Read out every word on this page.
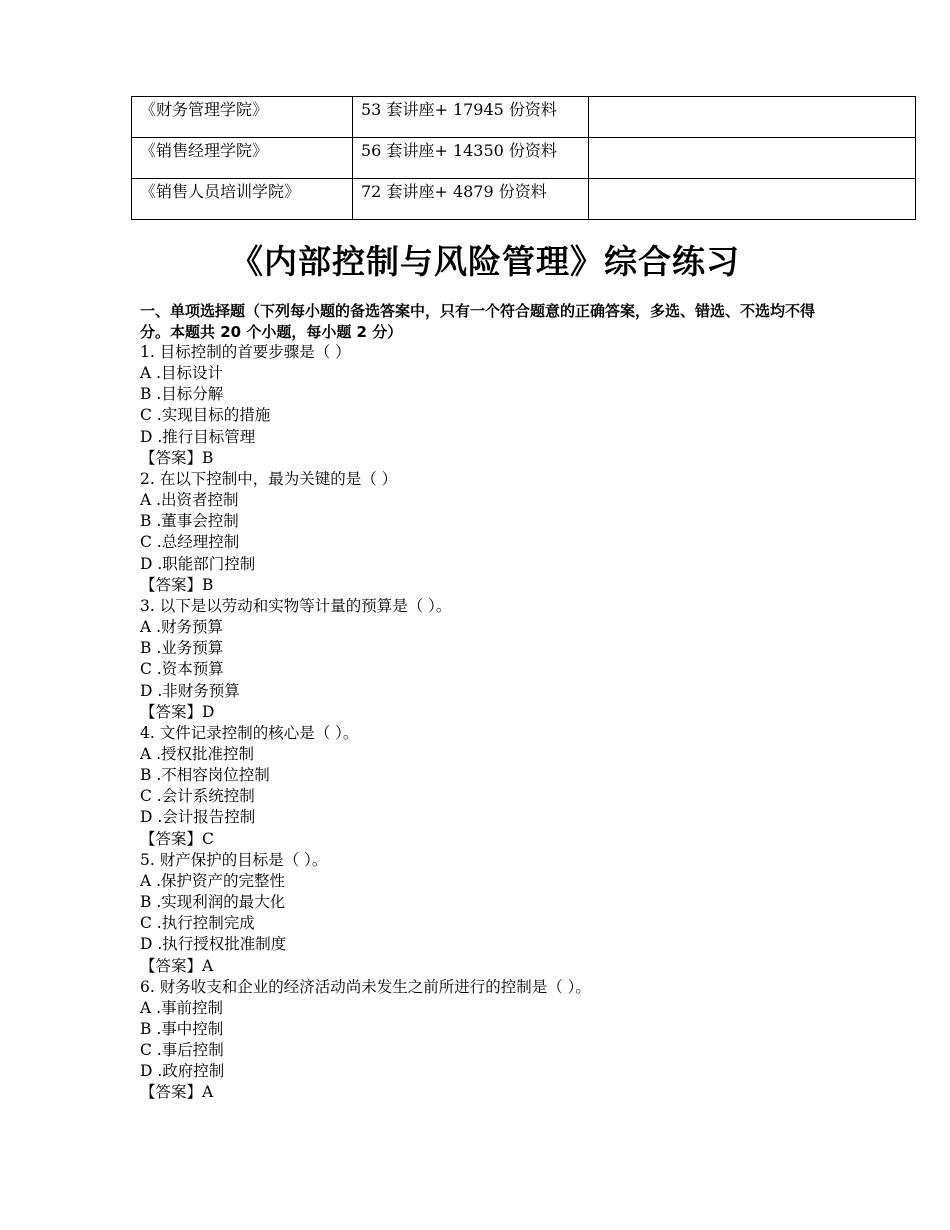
《财务管理学院》	53 套讲座+ 17945 份资料	
《销售经理学院》	56 套讲座+ 14350 份资料	
《销售人员培训学院》	72 套讲座+ 4879 份资料	
《内部控制与风险管理》综合练习
一、单项选择题（下列每小题的备选答案中，只有一个符合题意的正确答案，多选、错选、不选均不得分。本题共 20 个小题，每小题 2 分）
1. 目标控制的首要步骤是（ ）
A .目标设计
B .目标分解
C .实现目标的措施
D .推行目标管理
【答案】B
2. 在以下控制中，最为关键的是（ ）
A .出资者控制
B .董事会控制
C .总经理控制
D .职能部门控制
【答案】B
3. 以下是以劳动和实物等计量的预算是（ ）。
A .财务预算
B .业务预算
C .资本预算
D .非财务预算
【答案】D
4. 文件记录控制的核心是（ ）。
A .授权批准控制
B .不相容岗位控制
C .会计系统控制
D .会计报告控制
【答案】C
5. 财产保护的目标是（ ）。
A .保护资产的完整性
B .实现利润的最大化
C .执行控制完成
D .执行授权批准制度
【答案】A
6. 财务收支和企业的经济活动尚未发生之前所进行的控制是（ ）。
A .事前控制
B .事中控制
C .事后控制
D .政府控制
【答案】A
